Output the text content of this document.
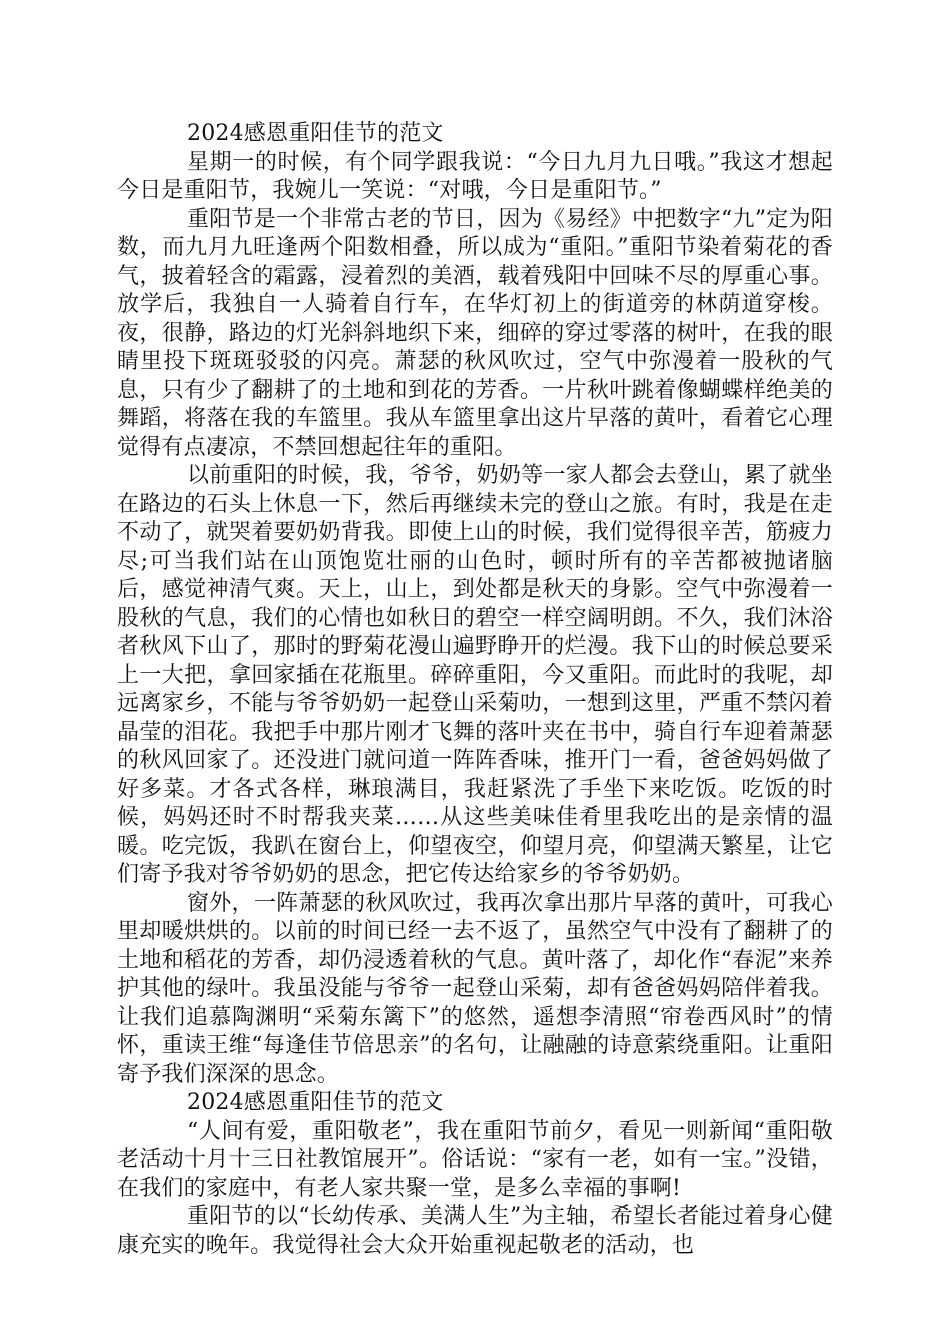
2024感恩重阳佳节的范文

星期一的时候，有个同学跟我说：“今日九月九日哦。”我这才想起今日是重阳节，我婉儿一笑说：“对哦，今日是重阳节。”

重阳节是一个非常古老的节日，因为《易经》中把数字“九”定为阳数，而九月九旺逢两个阳数相叠，所以成为“重阳。”重阳节染着菊花的香气，披着轻含的霜露，浸着烈的美酒，载着残阳中回味不尽的厚重心事。放学后，我独自一人骑着自行车，在华灯初上的街道旁的林荫道穿梭。夜，很静，路边的灯光斜斜地织下来，细碎的穿过零落的树叶，在我的眼睛里投下斑斑驳驳的闪亮。萧瑟的秋风吹过，空气中弥漫着一股秋的气息，只有少了翻耕了的土地和到花的芳香。一片秋叶跳着像蝴蝶样绝美的舞蹈，将落在我的车篮里。我从车篮里拿出这片早落的黄叶，看着它心理觉得有点凄凉，不禁回想起往年的重阳。

以前重阳的时候，我，爷爷，奶奶等一家人都会去登山，累了就坐在路边的石头上休息一下，然后再继续未完的登山之旅。有时，我是在走不动了，就哭着要奶奶背我。即使上山的时候，我们觉得很辛苦，筋疲力尽;可当我们站在山顶饱览壮丽的山色时，顿时所有的辛苦都被抛诸脑后，感觉神清气爽。天上，山上，到处都是秋天的身影。空气中弥漫着一股秋的气息，我们的心情也如秋日的碧空一样空阔明朗。不久，我们沐浴者秋风下山了，那时的野菊花漫山遍野睁开的烂漫。我下山的时候总要采上一大把，拿回家插在花瓶里。碎碎重阳，今又重阳。而此时的我呢，却远离家乡，不能与爷爷奶奶一起登山采菊叻，一想到这里，严重不禁闪着晶莹的泪花。我把手中那片刚才飞舞的落叶夹在书中，骑自行车迎着萧瑟的秋风回家了。还没进门就问道一阵阵香味，推开门一看，爸爸妈妈做了好多菜。才各式各样，琳琅满目，我赶紧洗了手坐下来吃饭。吃饭的时候，妈妈还时不时帮我夹菜……从这些美味佳肴里我吃出的是亲情的温暖。吃完饭，我趴在窗台上，仰望夜空，仰望月亮，仰望满天繁星，让它们寄予我对爷爷奶奶的思念，把它传达给家乡的爷爷奶奶。

窗外，一阵萧瑟的秋风吹过，我再次拿出那片早落的黄叶，可我心里却暖烘烘的。以前的时间已经一去不返了，虽然空气中没有了翻耕了的土地和稻花的芳香，却仍浸透着秋的气息。黄叶落了，却化作“春泥”来养护其他的绿叶。我虽没能与爷爷一起登山采菊，却有爸爸妈妈陪伴着我。让我们追慕陶渊明“采菊东篱下”的悠然，遥想李清照“帘卷西风时”的情怀，重读王维“每逢佳节倍思亲”的名句，让融融的诗意萦绕重阳。让重阳寄予我们深深的思念。

2024感恩重阳佳节的范文

“人间有爱，重阳敬老”，我在重阳节前夕，看见一则新闻“重阳敬老活动十月十三日社教馆展开”。俗话说：“家有一老，如有一宝。”没错，在我们的家庭中，有老人家共聚一堂，是多么幸福的事啊!

重阳节的以“长幼传承、美满人生”为主轴，希望长者能过着身心健康充实的晚年。我觉得社会大众开始重视起敬老的活动，也
